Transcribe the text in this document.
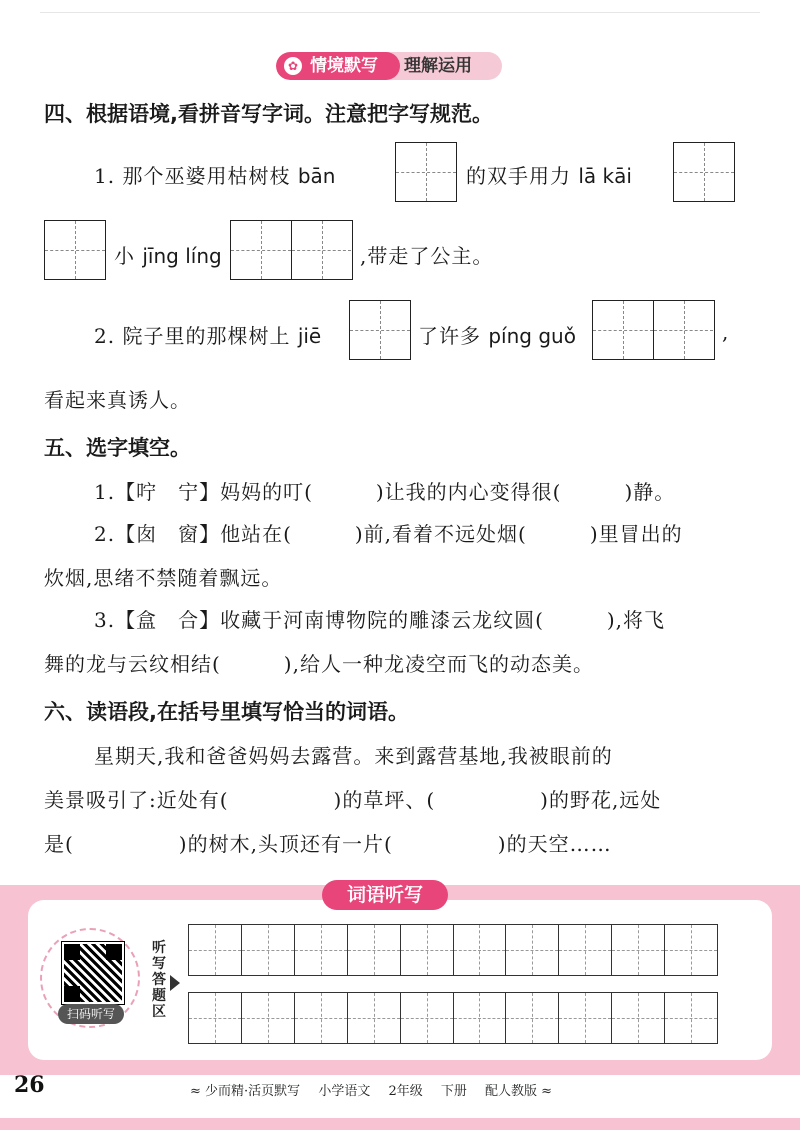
✿ 情境默写	理解运用
四、根据语境,看拼音写字词。注意把字写规范。
1. 那个巫婆用枯树枝 bān	的双手用力 lā kāi
小 jīng líng	,带走了公主。
2. 院子里的那棵树上 jiē	了许多 píng guǒ	,
看起来真诱人。
五、选字填空。
1.【咛　宁】妈妈的叮(　　　)让我的内心变得很(　　　)静。
2.【囱　窗】他站在(　　　)前,看着不远处烟(　　　)里冒出的
炊烟,思绪不禁随着飘远。
3.【盒　合】收藏于河南博物院的雕漆云龙纹圆(　　　),将飞
舞的龙与云纹相结(　　　),给人一种龙凌空而飞的动态美。
六、读语段,在括号里填写恰当的词语。
星期天,我和爸爸妈妈去露营。来到露营基地,我被眼前的
美景吸引了:近处有(　　　　　)的草坪、(　　　　　)的野花,远处
是(　　　　　)的树木,头顶还有一片(　　　　　)的天空……
词语听写
扫码听写
听写答题区
26	≈ 少而精·活页默写 小学语文 2年级 下册 配人教版 ≈
